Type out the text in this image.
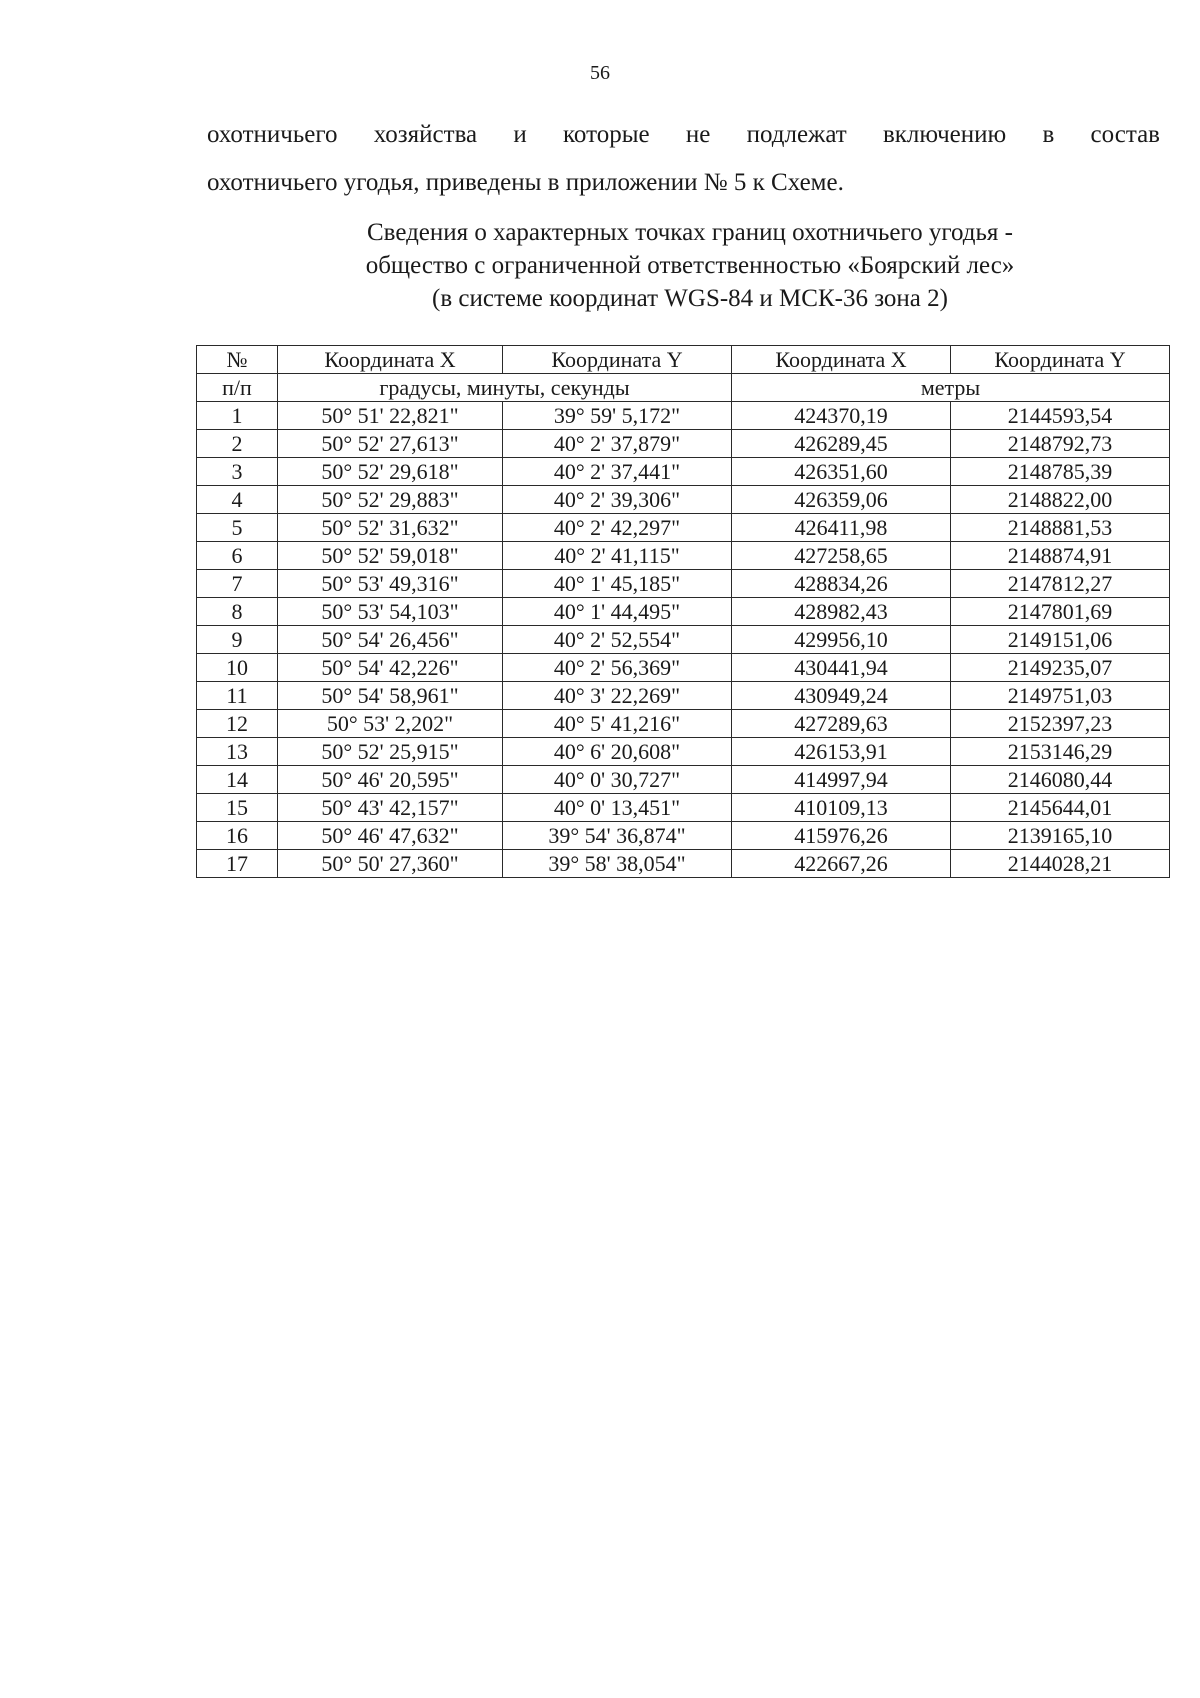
56
охотничьего хозяйства и которые не подлежат включению в состав
охотничьего угодья, приведены в приложении № 5 к Схеме.
Сведения о характерных точках границ охотничьего угодья -
общество с ограниченной ответственностью «Боярский лес»
(в системе координат WGS-84 и МСК-36 зона 2)
№	Координата X	Координата Y	Координата X	Координата Y
п/п	градусы, минуты, секунды		метры	
1	50° 51' 22,821"	39° 59' 5,172"	424370,19	2144593,54
2	50° 52' 27,613"	40° 2' 37,879"	426289,45	2148792,73
3	50° 52' 29,618"	40° 2' 37,441"	426351,60	2148785,39
4	50° 52' 29,883"	40° 2' 39,306"	426359,06	2148822,00
5	50° 52' 31,632"	40° 2' 42,297"	426411,98	2148881,53
6	50° 52' 59,018"	40° 2' 41,115"	427258,65	2148874,91
7	50° 53' 49,316"	40° 1' 45,185"	428834,26	2147812,27
8	50° 53' 54,103"	40° 1' 44,495"	428982,43	2147801,69
9	50° 54' 26,456"	40° 2' 52,554"	429956,10	2149151,06
10	50° 54' 42,226"	40° 2' 56,369"	430441,94	2149235,07
11	50° 54' 58,961"	40° 3' 22,269"	430949,24	2149751,03
12	50° 53' 2,202"	40° 5' 41,216"	427289,63	2152397,23
13	50° 52' 25,915"	40° 6' 20,608"	426153,91	2153146,29
14	50° 46' 20,595"	40° 0' 30,727"	414997,94	2146080,44
15	50° 43' 42,157"	40° 0' 13,451"	410109,13	2145644,01
16	50° 46' 47,632"	39° 54' 36,874"	415976,26	2139165,10
17	50° 50' 27,360"	39° 58' 38,054"	422667,26	2144028,21
